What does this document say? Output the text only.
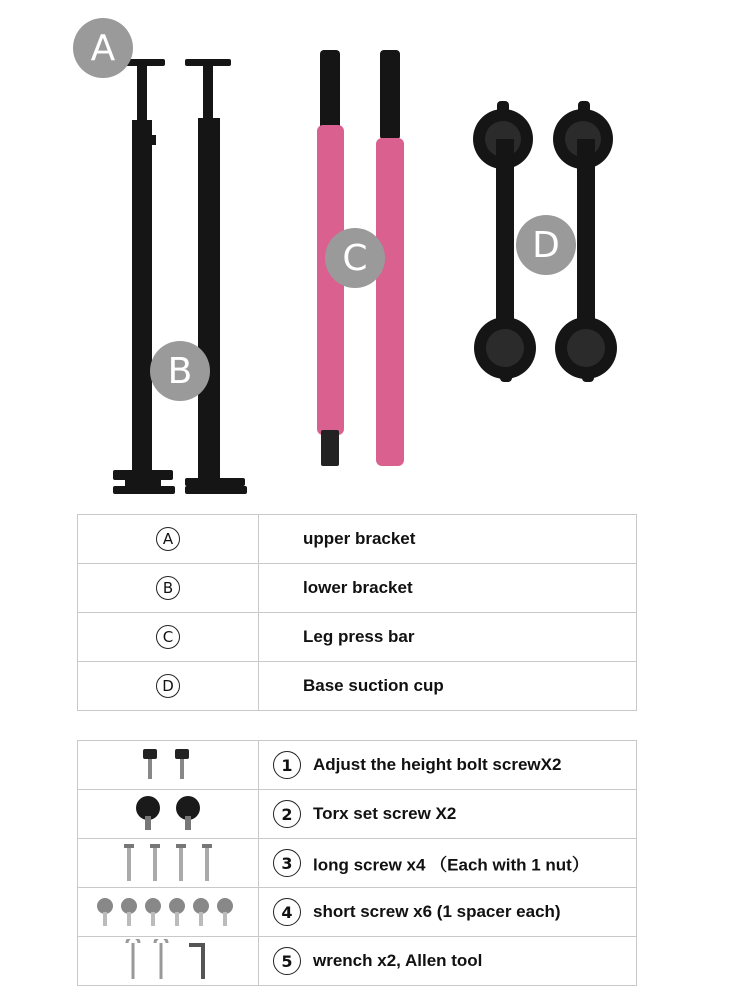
A
B
C	D
A	upper bracket
B	lower bracket
C	Leg press bar
D	Base suction cup
	1 Adjust the height bolt screwX2

	2 Torx set screw X2

	3 long screw x4 （Each with 1 nut）

	4 short screw x6 (1 spacer each)

	5 wrench x2, Allen tool
